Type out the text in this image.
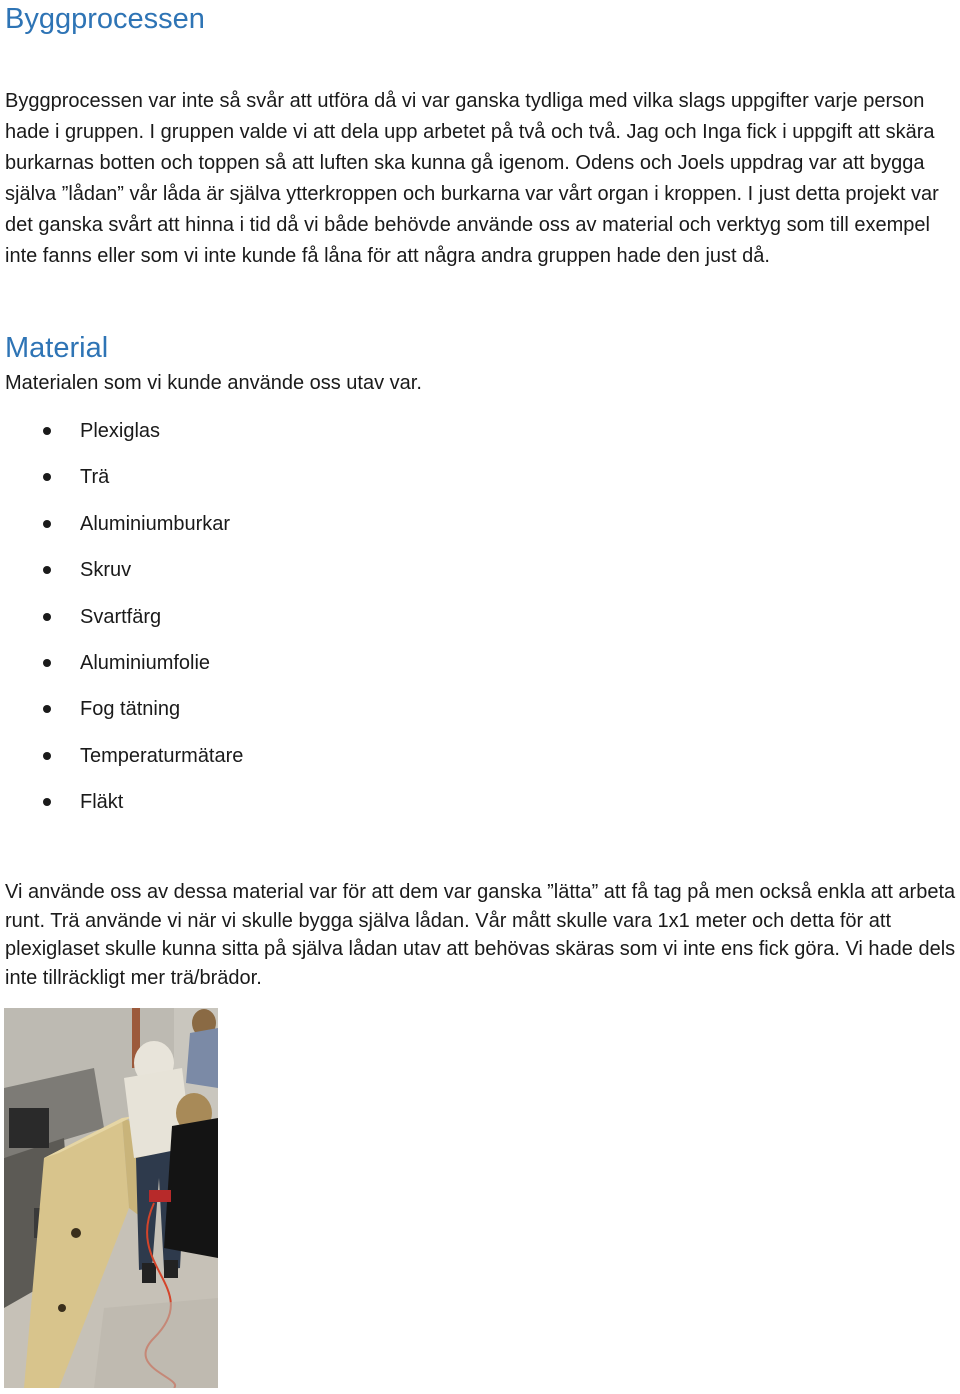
Byggprocessen

Byggprocessen var inte så svår att utföra då vi var ganska tydliga med vilka slags uppgifter varje person hade i gruppen. I gruppen valde vi att dela upp arbetet på två och två. Jag och Inga fick i uppgift att skära burkarnas botten och toppen så att luften ska kunna gå igenom. Odens och Joels uppdrag var att bygga själva ”lådan” vår låda är själva ytterkroppen och burkarna var vårt organ i kroppen. I just detta projekt var det ganska svårt att hinna i tid då vi både behövde använde oss av material och verktyg som till exempel inte fanns eller som vi inte kunde få låna för att några andra gruppen hade den just då.

Material

Materialen som vi kunde använde oss utav var.

Plexiglas
Trä
Aluminiumburkar
Skruv
Svartfärg
Aluminiumfolie
Fog tätning
Temperaturmätare
Fläkt

Vi använde oss av dessa material var för att dem var ganska ”lätta” att få tag på men också enkla att arbeta runt. Trä använde vi när vi skulle bygga själva lådan. Vår mått skulle vara 1x1 meter och detta för att plexiglaset skulle kunna sitta på själva lådan utav att behövas skäras som vi inte ens fick göra. Vi hade dels inte tillräckligt mer trä/brädor.
